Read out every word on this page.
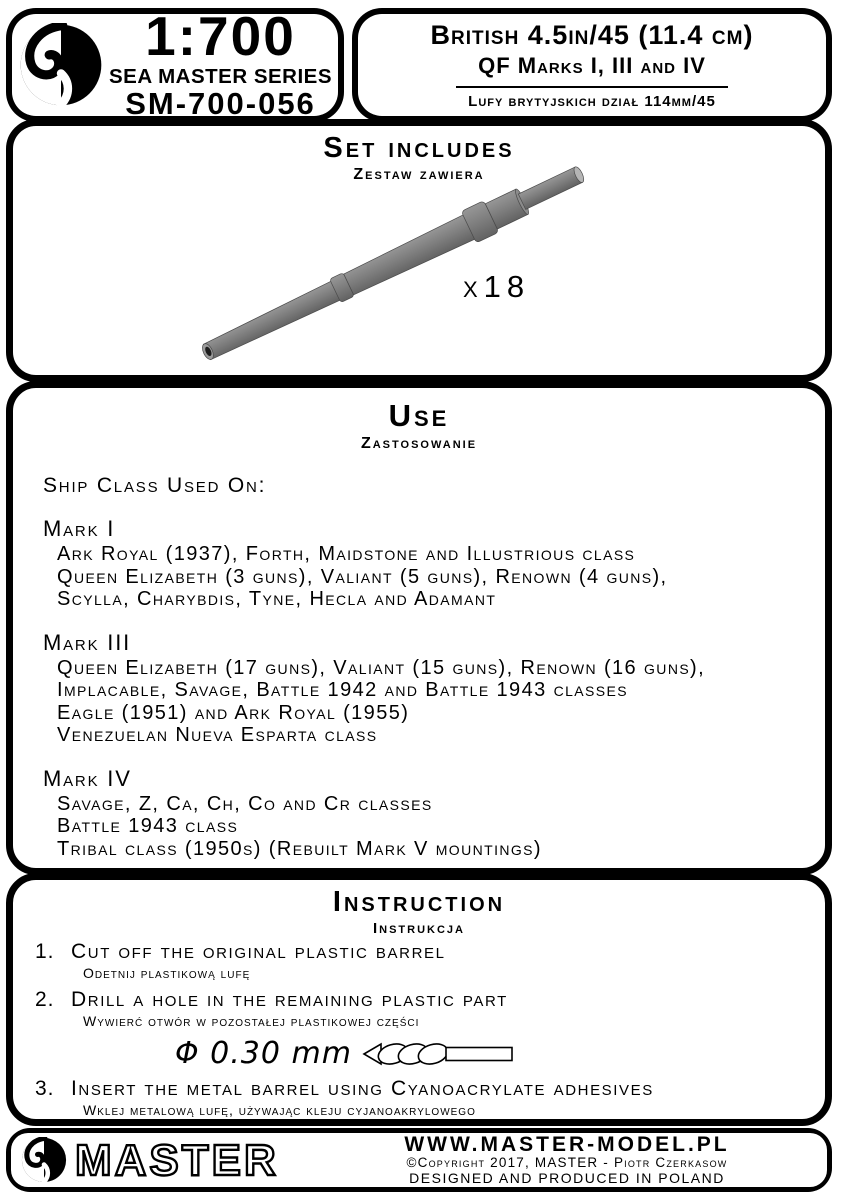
1:700
SEA MASTER SERIES
SM-700-056
British 4.5in/45 (11.4 cm)
QF Marks I, III and IV
Lufy brytyjskich dział 114mm/45
Set includes
Zestaw zawiera
x18
Use
Zastosowanie
Ship Class Used On:
Mark I
Ark Royal (1937), Forth, Maidstone and Illustrious class
Queen Elizabeth (3 guns), Valiant (5 guns), Renown (4 guns),
Scylla, Charybdis, Tyne, Hecla and Adamant
Mark III
Queen Elizabeth (17 guns), Valiant (15 guns), Renown (16 guns),
Implacable, Savage, Battle 1942 and Battle 1943 classes
Eagle (1951) and Ark Royal (1955)
Venezuelan Nueva Esparta class
Mark IV
Savage, Z, Ca, Ch, Co and Cr classes
Battle 1943 class
Tribal class (1950s) (Rebuilt Mark V mountings)
Instruction
Instrukcja
1. Cut off the original plastic barrel
Odetnij plastikową lufę
2. Drill a hole in the remaining plastic part
Wywierć otwór w pozostałej plastikowej części
Φ 0.30 mm
3. Insert the metal barrel using Cyanoacrylate adhesives
Wklej metalową lufę, używając kleju cyjanoakrylowego
MASTER	WWW.MASTER-MODEL.PL
©Copyright 2017, MASTER - Piotr Czerkasow
DESIGNED AND PRODUCED IN POLAND
